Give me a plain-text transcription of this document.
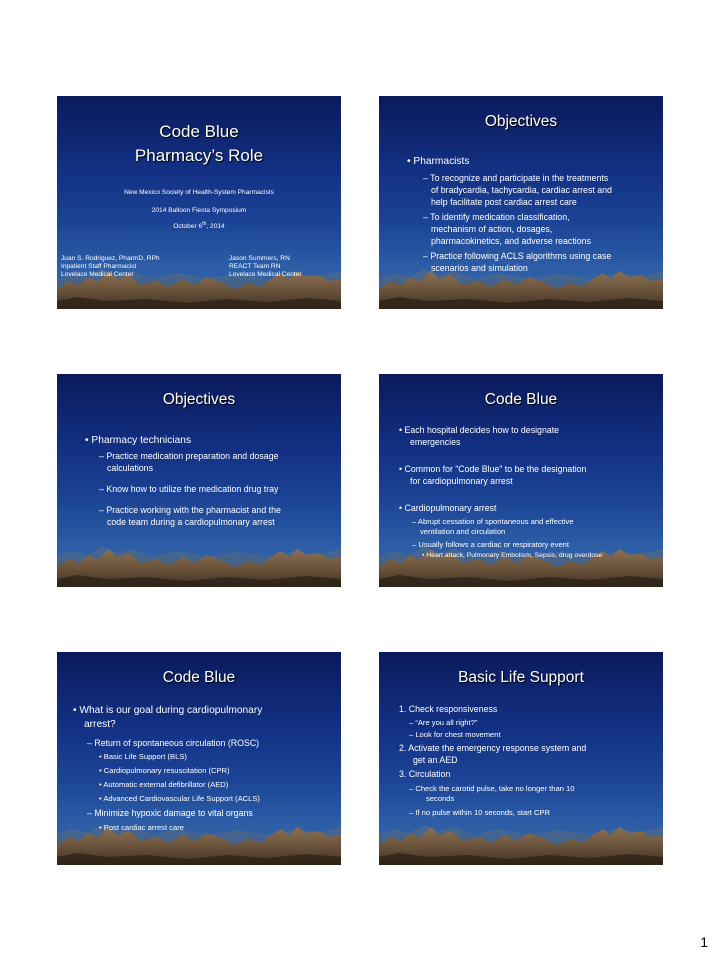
Code Blue
Pharmacy’s Role
New Mexico Society of Health-System Pharmacists
2014 Balloon Fiesta Symposium
October 6th, 2014
Juan S. Rodriguez, PharmD, RPh
Inpatient Staff Pharmacist
Lovelace Medical Center
Jason Summers, RN
REACT Team RN
Lovelace Medical Center
Objectives
• Pharmacists
– To recognize and participate in the treatments
of bradycardia, tachycardia, cardiac arrest and
help facilitate post cardiac arrest care
– To identify medication classification,
mechanism of action, dosages,
pharmacokinetics, and adverse reactions
– Practice following ACLS algorithms using case
scenarios and simulation
Objectives
• Pharmacy technicians
– Practice medication preparation and dosage
calculations
– Know how to utilize the medication drug tray
– Practice working with the pharmacist and the
code team during a cardiopulmonary arrest
Code Blue
• Each hospital decides how to designate
emergencies
• Common for “Code Blue” to be the designation
for cardiopulmonary arrest
• Cardiopulmonary arrest
– Abrupt cessation of spontaneous and effective
ventilation and circulation
– Usually follows a cardiac or respiratory event
• Heart attack, Pulmonary Embolism, Sepsis, drug overdose
Code Blue
• What is our goal during cardiopulmonary
arrest?
– Return of spontaneous circulation (ROSC)
• Basic Life Support (BLS)
• Cardiopulmonary resuscitation (CPR)
• Automatic external defibrillator (AED)
• Advanced Cardiovascular Life Support (ACLS)
– Minimize hypoxic damage to vital organs
• Post cardiac arrest care
Basic Life Support
1. Check responsiveness
– “Are you all right?”
– Look for chest movement
2. Activate the emergency response system and
get an AED
3. Circulation
– Check the carotid pulse, take no longer than 10
seconds
– If no pulse within 10 seconds, start CPR
1
